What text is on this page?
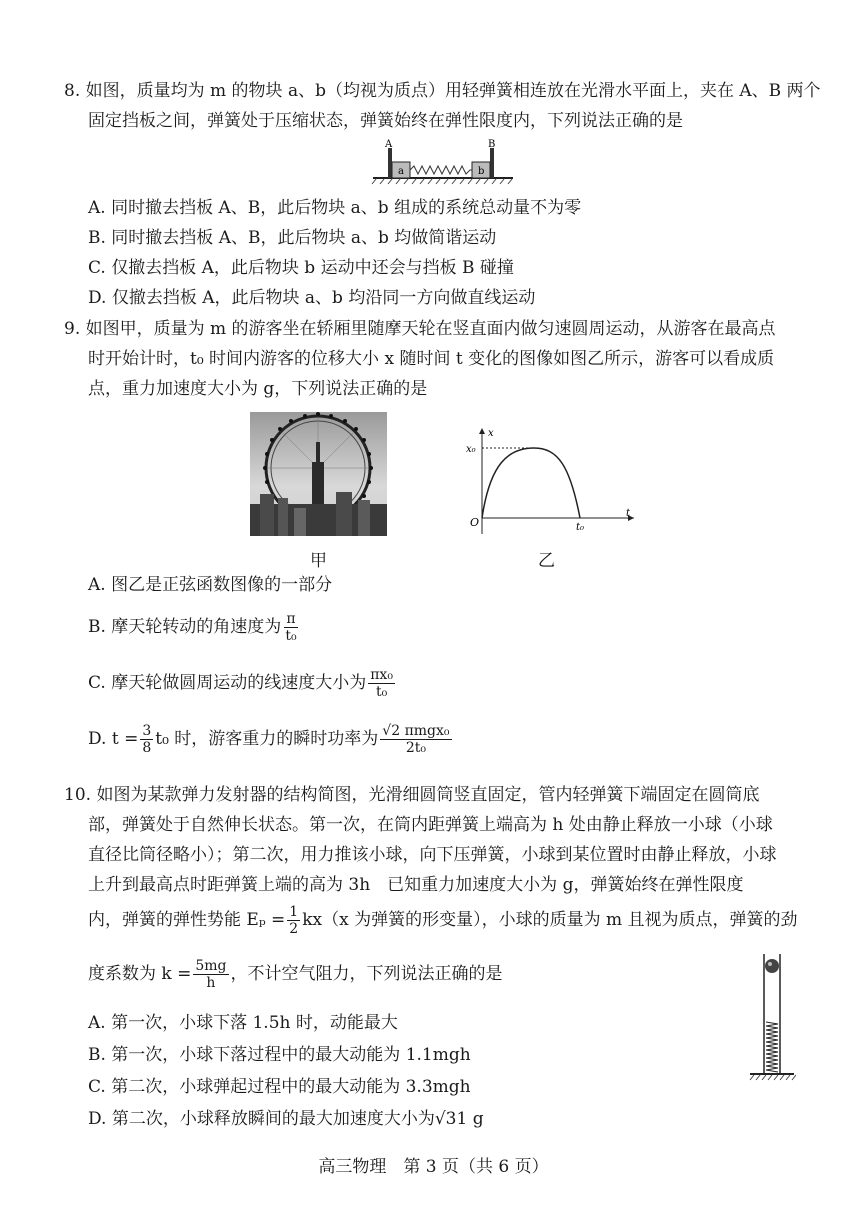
8. 如图，质量均为 m 的物块 a、b（均视为质点）用轻弹簧相连放在光滑水平面上，夹在 A、B 两个
固定挡板之间，弹簧处于压缩状态，弹簧始终在弹性限度内，下列说法正确的是
A	B
a	b
A. 同时撤去挡板 A、B，此后物块 a、b 组成的系统总动量不为零
B. 同时撤去挡板 A、B，此后物块 a、b 均做简谐运动
C. 仅撤去挡板 A，此后物块 b 运动中还会与挡板 B 碰撞
D. 仅撤去挡板 A，此后物块 a、b 均沿同一方向做直线运动
9. 如图甲，质量为 m 的游客坐在轿厢里随摩天轮在竖直面内做匀速圆周运动，从游客在最高点
时开始计时，t₀ 时间内游客的位移大小 x 随时间 t 变化的图像如图乙所示，游客可以看成质
点，重力加速度大小为 g，下列说法正确的是
甲
x
t
O
x₀
t₀
乙
A. 图乙是正弦函数图像的一部分
B. 摩天轮转动的角速度为 $\frac{\pi}{\text{t₀}}$
C. 摩天轮做圆周运动的线速度大小为 $\frac{\text{πx₀}}{\text{t₀}}$
D. $t = \frac{3}{8} t_0$ 时，游客重力的瞬时功率为 $\frac{\text{√2 πmgx₀}}{\text{2t₀}}$
10. 如图为某款弹力发射器的结构简图，光滑细圆筒竖直固定，管内轻弹簧下端固定在圆筒底
部，弹簧处于自然伸长状态。第一次，在筒内距弹簧上端高为 h 处由静止释放一小球（小球
直径比筒径略小）；第二次，用力推该小球，向下压弹簧，小球到某位置时由静止释放，小球
上升到最高点时距弹簧上端的高为 3h　已知重力加速度大小为 g，弹簧始终在弹性限度
内，弹簧的弹性势能 $E_p = \frac{1}{2} kx(x$ 为弹簧的形变量），小球的质量为 m 且视为质点，弹簧的劲
度系数为 $k = \frac{5mg}{h}$ ，不计空气阻力，下列说法正确的是
A. 第一次，小球下落 1.5h 时，动能最大
B. 第一次，小球下落过程中的最大动能为 1.1mgh
C. 第二次，小球弹起过程中的最大动能为 3.3mgh
D. 第二次，小球释放瞬间的最大加速度大小为√31 g
高三物理　第 3 页（共 6 页）
